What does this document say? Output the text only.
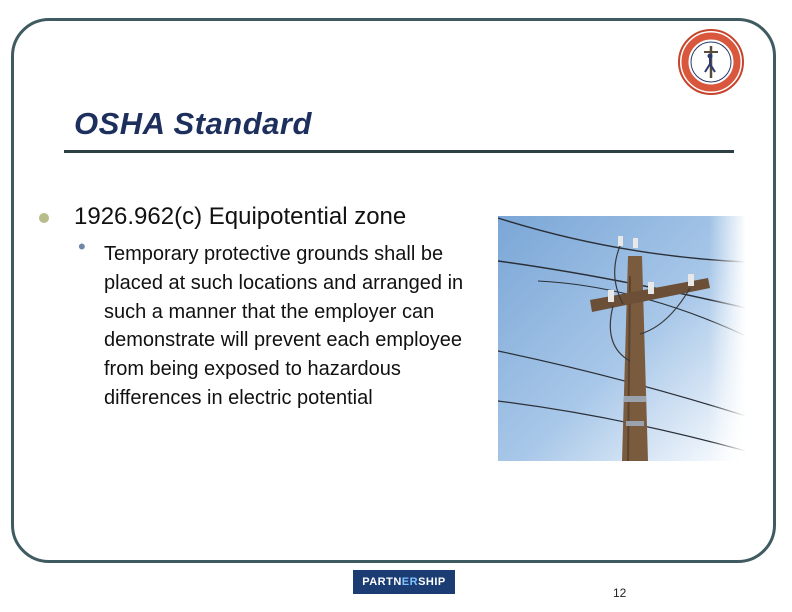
OSHA Standard
1926.962(c) Equipotential zone
• Temporary protective grounds shall be placed at such locations and arranged in such a manner that the employer can demonstrate will prevent each employee from being exposed to hazardous differences in electric potential
PARTN ER SHIP
12
